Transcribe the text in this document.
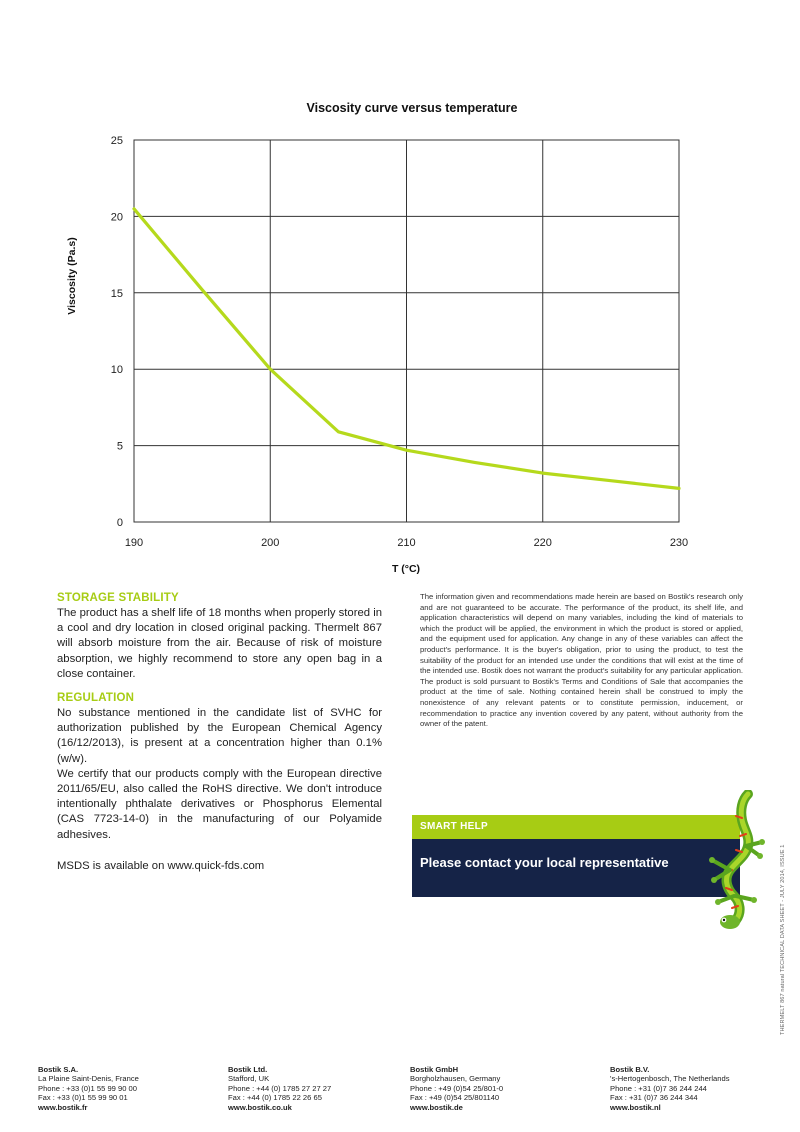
Viscosity curve versus temperature
190	200	210	220	230
0
5
10
15
20
25
T (°C)
Viscosity (Pa.s)
STORAGE STABILITY

The product has a shelf life of 18 months when properly stored in a cool and dry location in closed original packing. Thermelt 867 will absorb moisture from the air. Because of risk of moisture absorption, we highly recommend to store any open bag in a close container.

REGULATION

No substance mentioned in the candidate list of SVHC for authorization published by the European Chemical Agency (16/12/2013), is present at a concentration higher than 0.1% (w/w).

We certify that our products comply with the European directive 2011/65/EU, also called the RoHS directive. We don't introduce intentionally phthalate derivatives or Phosphorus Elemental (CAS 7723-14-0) in the manufacturing of our Polyamide adhesives.

MSDS is available on www.quick-fds.com

The information given and recommendations made herein are based on Bostik's research only and are not guaranteed to be accurate. The performance of the product, its shelf life, and application characteristics will depend on many variables, including the kind of materials to which the product will be applied, the environment in which the product is stored or applied, and the equipment used for application. Any change in any of these variables can affect the product's performance. It is the buyer's obligation, prior to using the product, to test the suitability of the product for an intended use under the conditions that will exist at the time of the intended use. Bostik does not warrant the product's suitability for any particular application. The product is sold pursuant to Bostik's Terms and Conditions of Sale that accompanies the product at the time of sale. Nothing contained herein shall be construed to imply the nonexistence of any relevant patents or to constitute permission, inducement, or recommendation to practice any invention covered by any patent, without authority from the owner of the patent.
SMART HELP
Please contact your local representative	THERMELT 867 natural TECHNICAL DATA SHEET - JULY 2014, ISSUE 1
Bostik S.A.
La Plaine Saint-Denis, France
Phone : +33 (0)1 55 99 90 00
Fax : +33 (0)1 55 99 90 01
www.bostik.fr
Bostik Ltd.
Stafford, UK
Phone : +44 (0) 1785 27 27 27
Fax : +44 (0) 1785 22 26 65
www.bostik.co.uk
Bostik GmbH
Borgholzhausen, Germany
Phone : +49 (0)54 25/801-0
Fax : +49 (0)54 25/801140
www.bostik.de
Bostik B.V.
's-Hertogenbosch, The Netherlands
Phone : +31 (0)7 36 244 244
Fax : +31 (0)7 36 244 344
www.bostik.nl
